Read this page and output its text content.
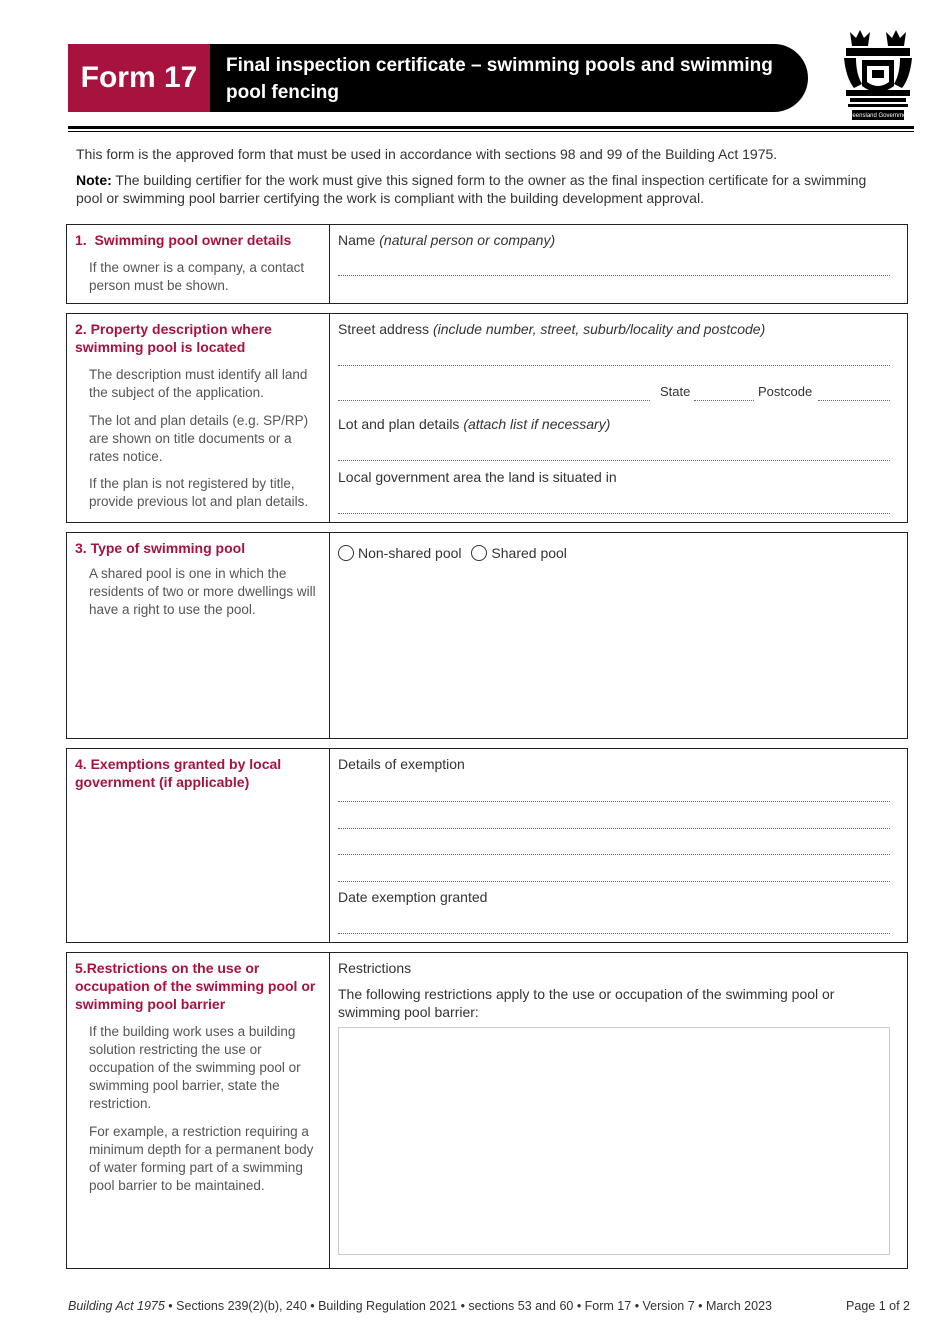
Form 17	Final inspection certificate – swimming pools and swimming pool fencing
Queensland Government
This form is the approved form that must be used in accordance with sections 98 and 99 of the Building Act 1975.
Note: The building certifier for the work must give this signed form to the owner as the final inspection certificate for a swimming pool or swimming pool barrier certifying the work is compliant with the building development approval.
1. Swimming pool owner details
If the owner is a company, a contact person must be shown.
Name (natural person or company)
2. Property description where swimming pool is located
The description must identify all land the subject of the application.
The lot and plan details (e.g. SP/RP) are shown on title documents or a rates notice.
If the plan is not registered by title, provide previous lot and plan details.
Street address (include number, street, suburb/locality and postcode)
State	Postcode
Lot and plan details (attach list if necessary)
Local government area the land is situated in
3. Type of swimming pool
A shared pool is one in which the residents of two or more dwellings will have a right to use the pool.
Non-shared pool Shared pool
4. Exemptions granted by local government (if applicable)
Details of exemption
Date exemption granted
5.Restrictions on the use or occupation of the swimming pool or swimming pool barrier
If the building work uses a building solution restricting the use or occupation of the swimming pool or swimming pool barrier, state the restriction.
For example, a restriction requiring a minimum depth for a permanent body of water forming part of a swimming pool barrier to be maintained.
Restrictions
The following restrictions apply to the use or occupation of the swimming pool or swimming pool barrier:
Building Act 1975 • Sections 239(2)(b), 240 • Building Regulation 2021 • sections 53 and 60 • Form 17 • Version 7 • March 2023	Page 1 of 2
